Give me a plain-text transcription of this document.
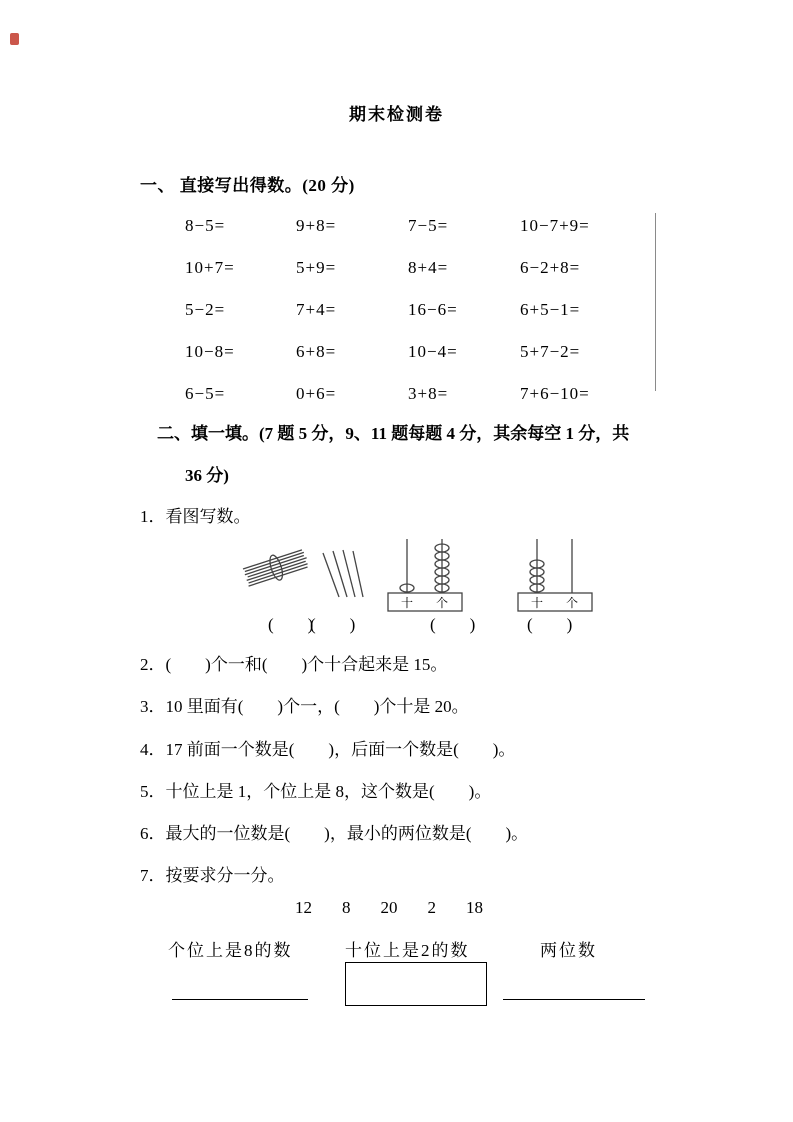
期末检测卷
一、 直接写出得数。(20 分)
8−5=	9+8=	7−5=	10−7+9=
10+7=	5+9=	8+4=	6−2+8=
5−2=	7+4=	16−6=	6+5−1=
10−8=	6+8=	10−4=	5+7−2=
6−5=	0+6=	3+8=	7+6−10=
二、填一填。(7 题 5 分，9、11 题每题 4 分，其余每空 1 分，共
36 分)
1．看图写数。
十 个	十 个
(　　)
(　　)	(　　)	(　　)
2．(　　)个一和(　　)个十合起来是 15。
3．10 里面有(　　)个一，(　　)个十是 20。
4．17 前面一个数是(　　)，后面一个数是(　　)。
5．十位上是 1，个位上是 8，这个数是(　　)。
6．最大的一位数是(　　)，最小的两位数是(　　)。
7．按要求分一分。
12 8 20 2 18
个位上是8的数	十位上是2的数	两位数
